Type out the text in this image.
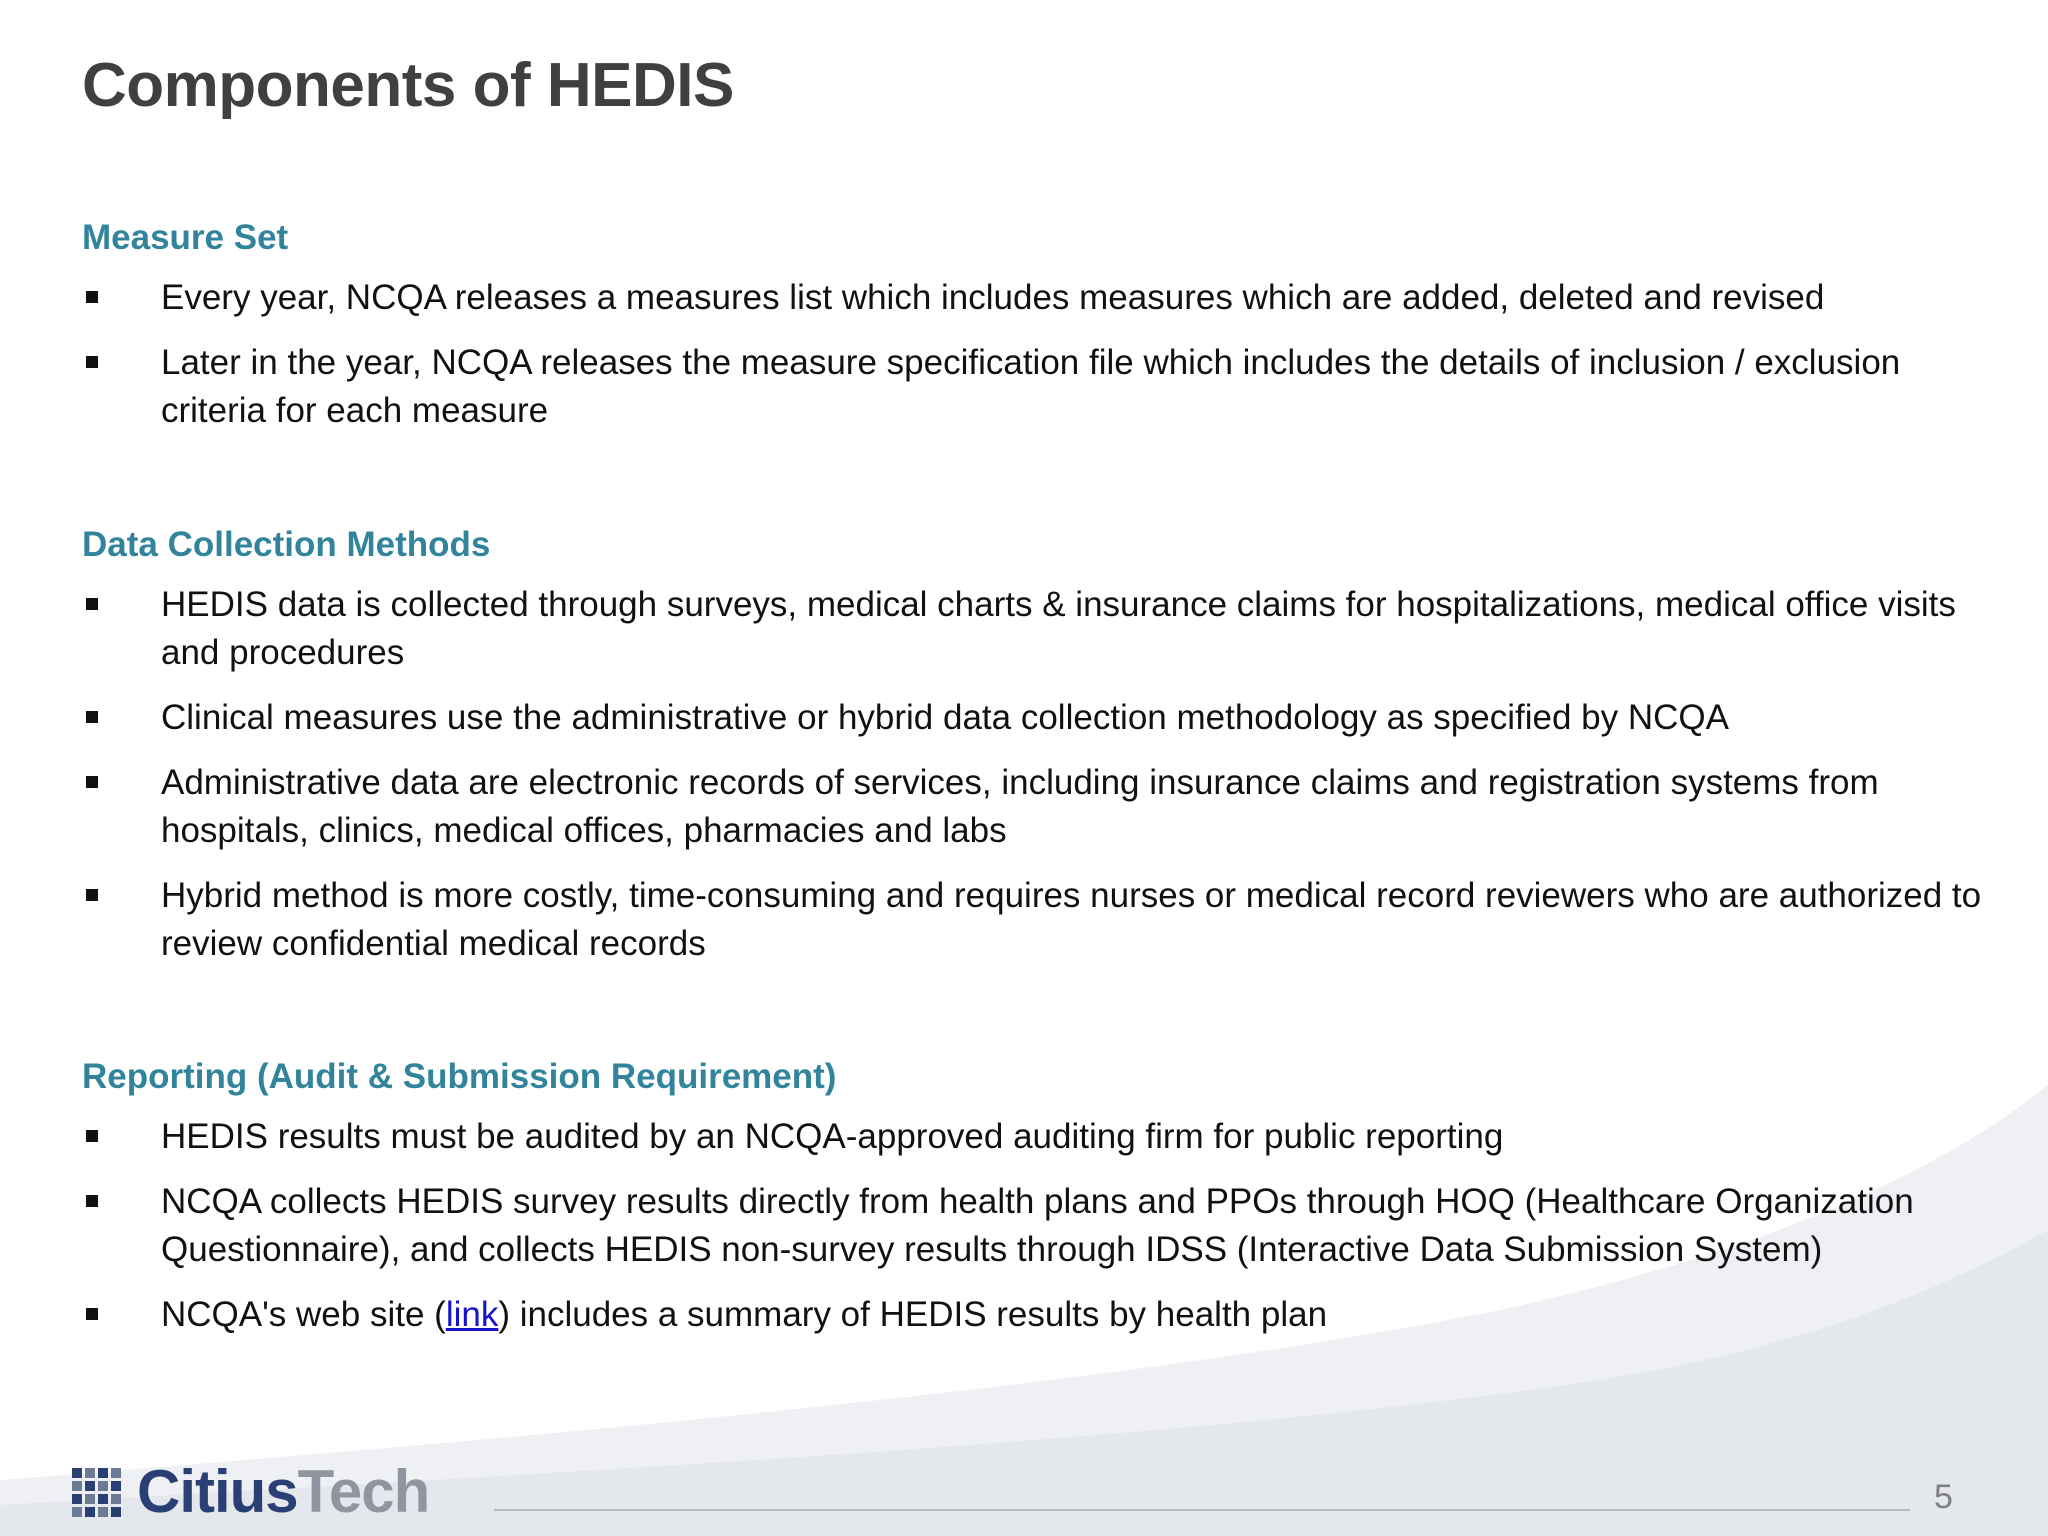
Components of HEDIS
Measure Set
Every year, NCQA releases a measures list which includes measures which are added, deleted and revised
Later in the year, NCQA releases the measure specification file which includes the details of inclusion / exclusion criteria for each measure
Data Collection Methods
HEDIS data is collected through surveys, medical charts & insurance claims for hospitalizations, medical office visits and procedures
Clinical measures use the administrative or hybrid data collection methodology as specified by NCQA
Administrative data are electronic records of services, including insurance claims and registration systems from hospitals, clinics, medical offices, pharmacies and labs
Hybrid method is more costly, time-consuming and requires nurses or medical record reviewers who are authorized to review confidential medical records
Reporting (Audit & Submission Requirement)
HEDIS results must be audited by an NCQA-approved auditing firm for public reporting
NCQA collects HEDIS survey results directly from health plans and PPOs through HOQ (Healthcare Organization Questionnaire), and collects HEDIS non-survey results through IDSS (Interactive Data Submission System)
NCQA's web site (link) includes a summary of HEDIS results by health plan
Citius Tech	5
